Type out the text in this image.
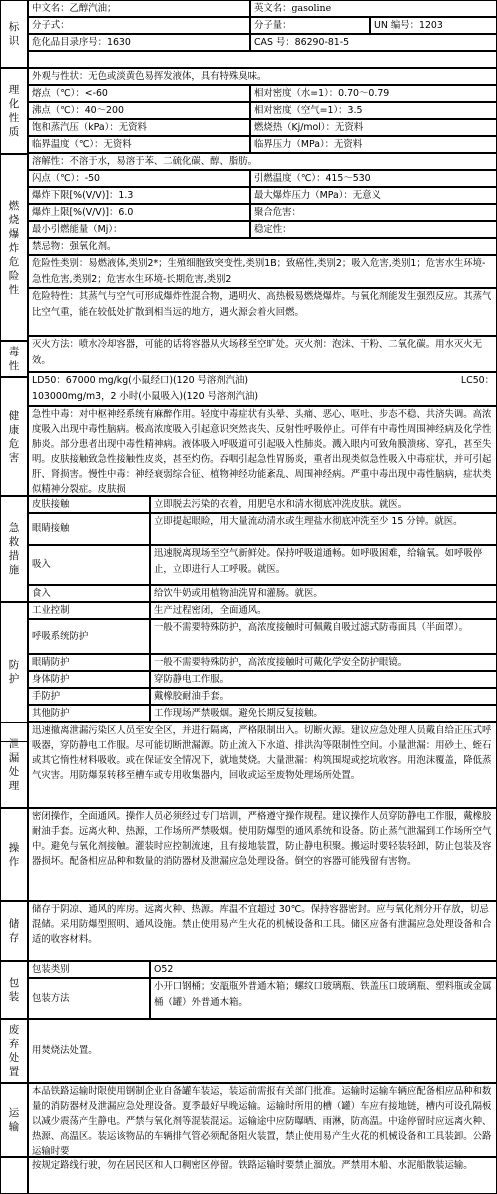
标识
中文名：乙醇汽油；	英文名：gasoline
分子式：	分子量：	UN 编号：1203
危化品目录序号：1630	CAS 号：86290-81-5
理化性质
外观与性状：无色或淡黄色易挥发液体，具有特殊臭味。
熔点（℃）：<-60	相对密度（水=1）：0.70～0.79
沸点（℃）：40～200	相对密度（空气=1）：3.5
饱和蒸汽压（kPa）：无资料	燃烧热（Kj/mol）：无资料
临界温度（℃）：无资料	临界压力（MPa）：无资料
溶解性：不溶于水，易溶于苯、二硫化碳、醇、脂肪。
燃烧爆炸危险性
闪点（℃）：-50	引燃温度（℃）：415～530
爆炸下限[%(V/V)]：1.3	最大爆炸压力（MPa）：无意义
爆炸上限[%(V/V)]：6.0	聚合危害：
最小引燃能量（Mj）：	稳定性：
禁忌物：强氧化剂。
危险性类别：易燃液体,类别2*；生殖细胞致突变性,类别1B；致癌性,类别2；吸入危害,类别1；危害水生环境-急性危害,类别2；危害水生环境-长期危害,类别2
危险特性：其蒸气与空气可形成爆炸性混合物，遇明火、高热极易燃烧爆炸。与氧化剂能发生强烈反应。其蒸气比空气重，能在较低处扩散到相当远的地方，遇火源会着火回燃。
灭火方法：喷水冷却容器，可能的话将容器从火场移至空旷处。灭火剂：泡沫、干粉、二氧化碳。用水灭火无效。
毒性
LD50：67000 mg/kg(小鼠经口)(120 号溶剂汽油)	LC50：
103000mg/m3，2 小时(小鼠吸入)(120 号溶剂汽油)
健康危害
急性中毒：对中枢神经系统有麻醉作用。轻度中毒症状有头晕、头痛、恶心、呕吐、步态不稳、共济失调。高浓度吸入出现中毒性脑病。极高浓度吸入引起意识突然丧失、反射性呼吸停止。可伴有中毒性周围神经病及化学性肺炎。部分患者出现中毒性精神病。液体吸入呼吸道可引起吸入性肺炎。溅入眼内可致角膜溃疡、穿孔，甚至失明。皮肤接触致急性接触性皮炎，甚至灼伤。吞咽引起急性胃肠炎，重者出现类似急性吸入中毒症状，并可引起肝、肾损害。慢性中毒：神经衰弱综合征、植物神经功能紊乱、周围神经病。严重中毒出现中毒性脑病，症状类似精神分裂症。皮肤损
急救措施
皮肤接触	立即脱去污染的衣着，用肥皂水和清水彻底冲洗皮肤。就医。
眼睛接触
立即提起眼睑，用大量流动清水或生理盐水彻底冲洗至少 15 分钟。就医。
吸入
迅速脱离现场至空气新鲜处。保持呼吸道通畅。如呼吸困难，给输氧。如呼吸停止，立即进行人工呼吸。就医。
食入	给饮牛奶或用植物油洗胃和灌肠。就医。
防护
工业控制	生产过程密闭，全面通风。
呼吸系统防护
一般不需要特殊防护，高浓度接触时可佩戴自吸过滤式防毒面具（半面罩）。
眼睛防护	一般不需要特殊防护，高浓度接触时可戴化学安全防护眼镜。
身体防护	穿防静电工作服。
手防护	戴橡胶耐油手套。
其他防护	工作现场严禁吸烟。避免长期反复接触。
泄漏处理
迅速撤离泄漏污染区人员至安全区，并进行隔离，严格限制出入。切断火源。建议应急处理人员戴自给正压式呼吸器，穿防静电工作服。尽可能切断泄漏源。防止流入下水道、排洪沟等限制性空间。小量泄漏：用砂土、蛭石或其它惰性材料吸收。或在保证安全情况下，就地焚烧。大量泄漏：构筑围堤或挖坑收容。用泡沫覆盖，降低蒸气灾害。用防爆泵转移至槽车或专用收集器内，回收或运至废物处理场所处置。
操作
密闭操作，全面通风。操作人员必须经过专门培训，严格遵守操作规程。建议操作人员穿防静电工作服，戴橡胶耐油手套。远离火种、热源，工作场所严禁吸烟。使用防爆型的通风系统和设备。防止蒸气泄漏到工作场所空气中。避免与氧化剂接触。灌装时应控制流速，且有接地装置，防止静电积聚。搬运时要轻装轻卸，防止包装及容器损坏。配备相应品种和数量的消防器材及泄漏应急处理设备。倒空的容器可能残留有害物。
储存
储存于阴凉、通风的库房。远离火种、热源。库温不宜超过 30℃。保持容器密封。应与氧化剂分开存放，切忌混储。采用防爆型照明、通风设施。禁止使用易产生火花的机械设备和工具。储区应备有泄漏应急处理设备和合适的收容材料。
包装
包装类别	O52
包装方法
小开口钢桶；安瓿瓶外普通木箱；螺纹口玻璃瓶、铁盖压口玻璃瓶、塑料瓶或金属桶（罐）外普通木箱。
废弃处置
用焚烧法处置。
运输
本品铁路运输时限使用钢制企业自备罐车装运，装运前需报有关部门批准。运输时运输车辆应配备相应品种和数量的消防器材及泄漏应急处理设备。夏季最好早晚运输。运输时所用的槽（罐）车应有接地链，槽内可设孔隔板以减少震荡产生静电。严禁与氧化剂等混装混运。运输途中应防曝晒、雨淋，防高温。中途停留时应远离火种、热源、高温区。装运该物品的车辆排气管必须配备阻火装置，禁止使用易产生火花的机械设备和工具装卸。公路运输时要
按规定路线行驶，勿在居民区和人口稠密区停留。铁路运输时要禁止溜放。严禁用木船、水泥船散装运输。
